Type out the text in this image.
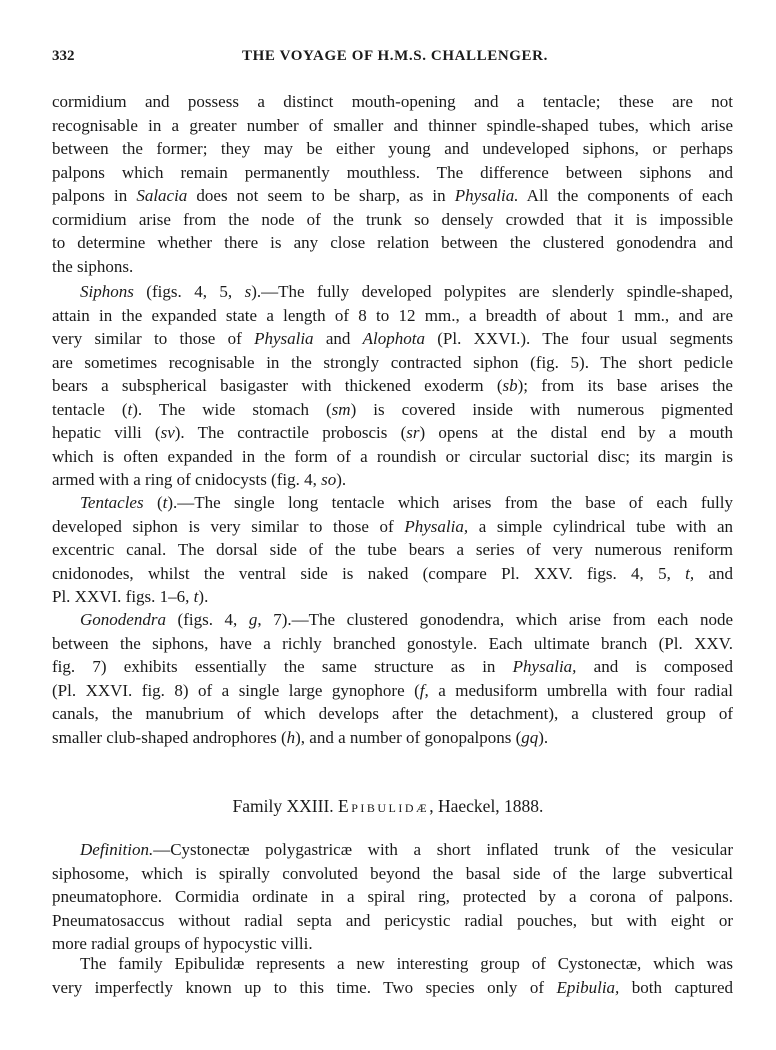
332	THE VOYAGE OF H.M.S. CHALLENGER.
cormidium and possess a distinct mouth-opening and a tentacle; these are not
recognisable in a greater number of smaller and thinner spindle-shaped tubes, which arise
between the former; they may be either young and undeveloped siphons, or perhaps
palpons which remain permanently mouthless. The difference between siphons and
palpons in Salacia does not seem to be sharp, as in Physalia. All the components of each
cormidium arise from the node of the trunk so densely crowded that it is impossible
to determine whether there is any close relation between the clustered gonodendra and
the siphons.
Siphons (figs. 4, 5, s).—The fully developed polypites are slenderly spindle-shaped,
attain in the expanded state a length of 8 to 12 mm., a breadth of about 1 mm., and are
very similar to those of Physalia and Alophota (Pl. XXVI.). The four usual segments
are sometimes recognisable in the strongly contracted siphon (fig. 5). The short pedicle
bears a subspherical basigaster with thickened exoderm (sb); from its base arises the
tentacle (t). The wide stomach (sm) is covered inside with numerous pigmented
hepatic villi (sv). The contractile proboscis (sr) opens at the distal end by a mouth
which is often expanded in the form of a roundish or circular suctorial disc; its margin is
armed with a ring of cnidocysts (fig. 4, so).
Tentacles (t).—The single long tentacle which arises from the base of each fully
developed siphon is very similar to those of Physalia, a simple cylindrical tube with an
excentric canal. The dorsal side of the tube bears a series of very numerous reniform
cnidonodes, whilst the ventral side is naked (compare Pl. XXV. figs. 4, 5, t, and
Pl. XXVI. figs. 1–6, t).
Gonodendra (figs. 4, g, 7).—The clustered gonodendra, which arise from each node
between the siphons, have a richly branched gonostyle. Each ultimate branch (Pl. XXV.
fig. 7) exhibits essentially the same structure as in Physalia, and is composed
(Pl. XXVI. fig. 8) of a single large gynophore (f, a medusiform umbrella with four radial
canals, the manubrium of which develops after the detachment), a clustered group of
smaller club-shaped androphores (h), and a number of gonopalpons (gq).
Family XXIII. Epibulidæ, Haeckel, 1888.
Definition.—Cystonectæ polygastricæ with a short inflated trunk of the vesicular
siphosome, which is spirally convoluted beyond the basal side of the large subvertical
pneumatophore. Cormidia ordinate in a spiral ring, protected by a corona of palpons.
Pneumatosaccus without radial septa and pericystic radial pouches, but with eight or
more radial groups of hypocystic villi.
The family Epibulidæ represents a new interesting group of Cystonectæ, which was
very imperfectly known up to this time. Two species only of Epibulia, both captured
